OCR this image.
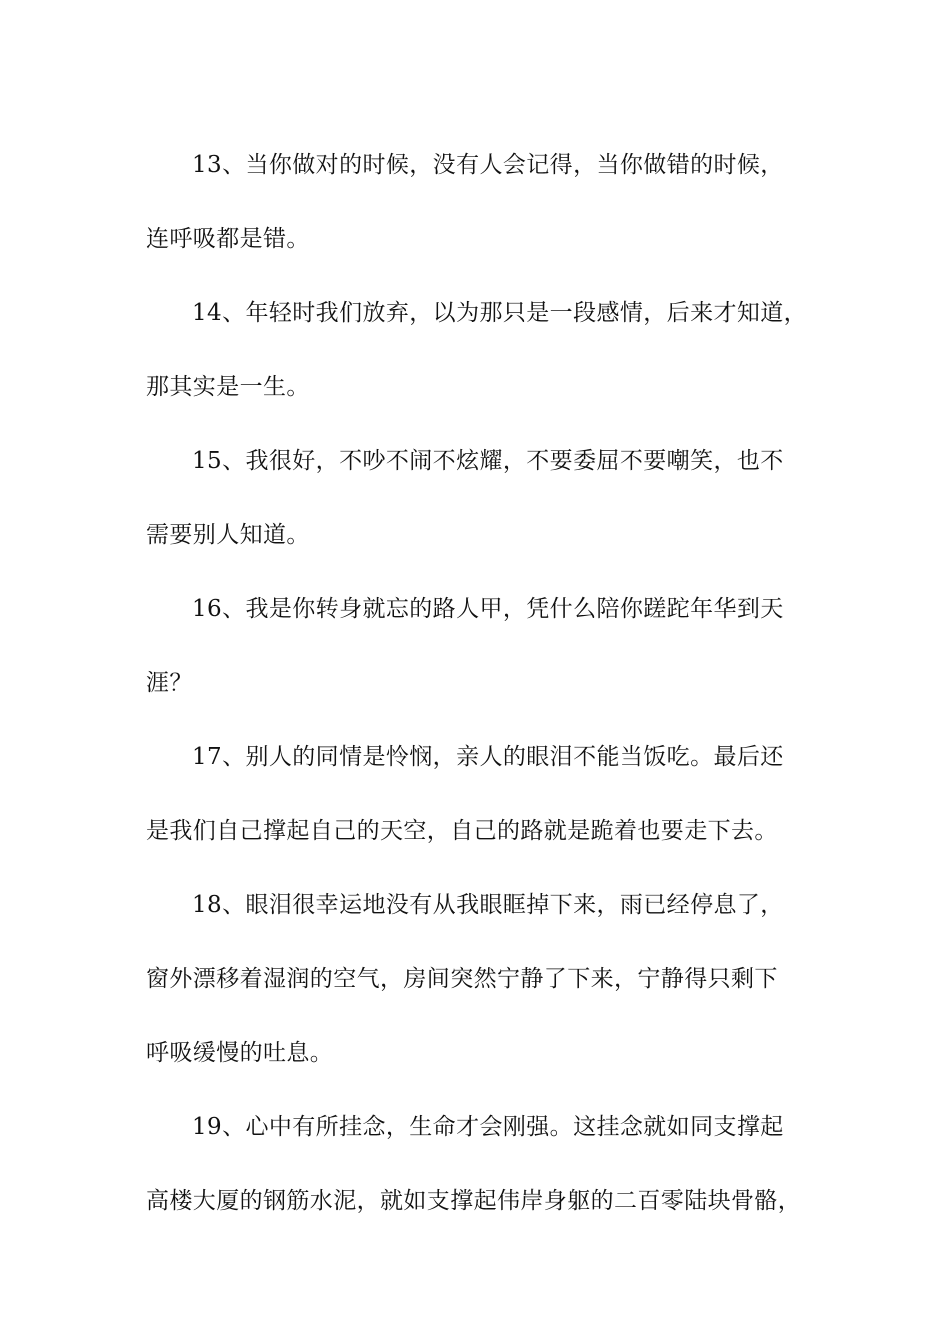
13、当你做对的时候，没有人会记得，当你做错的时候，
连呼吸都是错。

14、年轻时我们放弃，以为那只是一段感情，后来才知道，
那其实是一生。

15、我很好，不吵不闹不炫耀，不要委屈不要嘲笑，也不
需要别人知道。

16、我是你转身就忘的路人甲，凭什么陪你蹉跎年华到天
涯？

17、别人的同情是怜悯，亲人的眼泪不能当饭吃。最后还
是我们自己撑起自己的天空，自己的路就是跪着也要走下去。

18、眼泪很幸运地没有从我眼眶掉下来，雨已经停息了，
窗外漂移着湿润的空气，房间突然宁静了下来，宁静得只剩下
呼吸缓慢的吐息。

19、心中有所挂念，生命才会刚强。这挂念就如同支撑起
高楼大厦的钢筋水泥，就如支撑起伟岸身躯的二百零陆块骨骼，
